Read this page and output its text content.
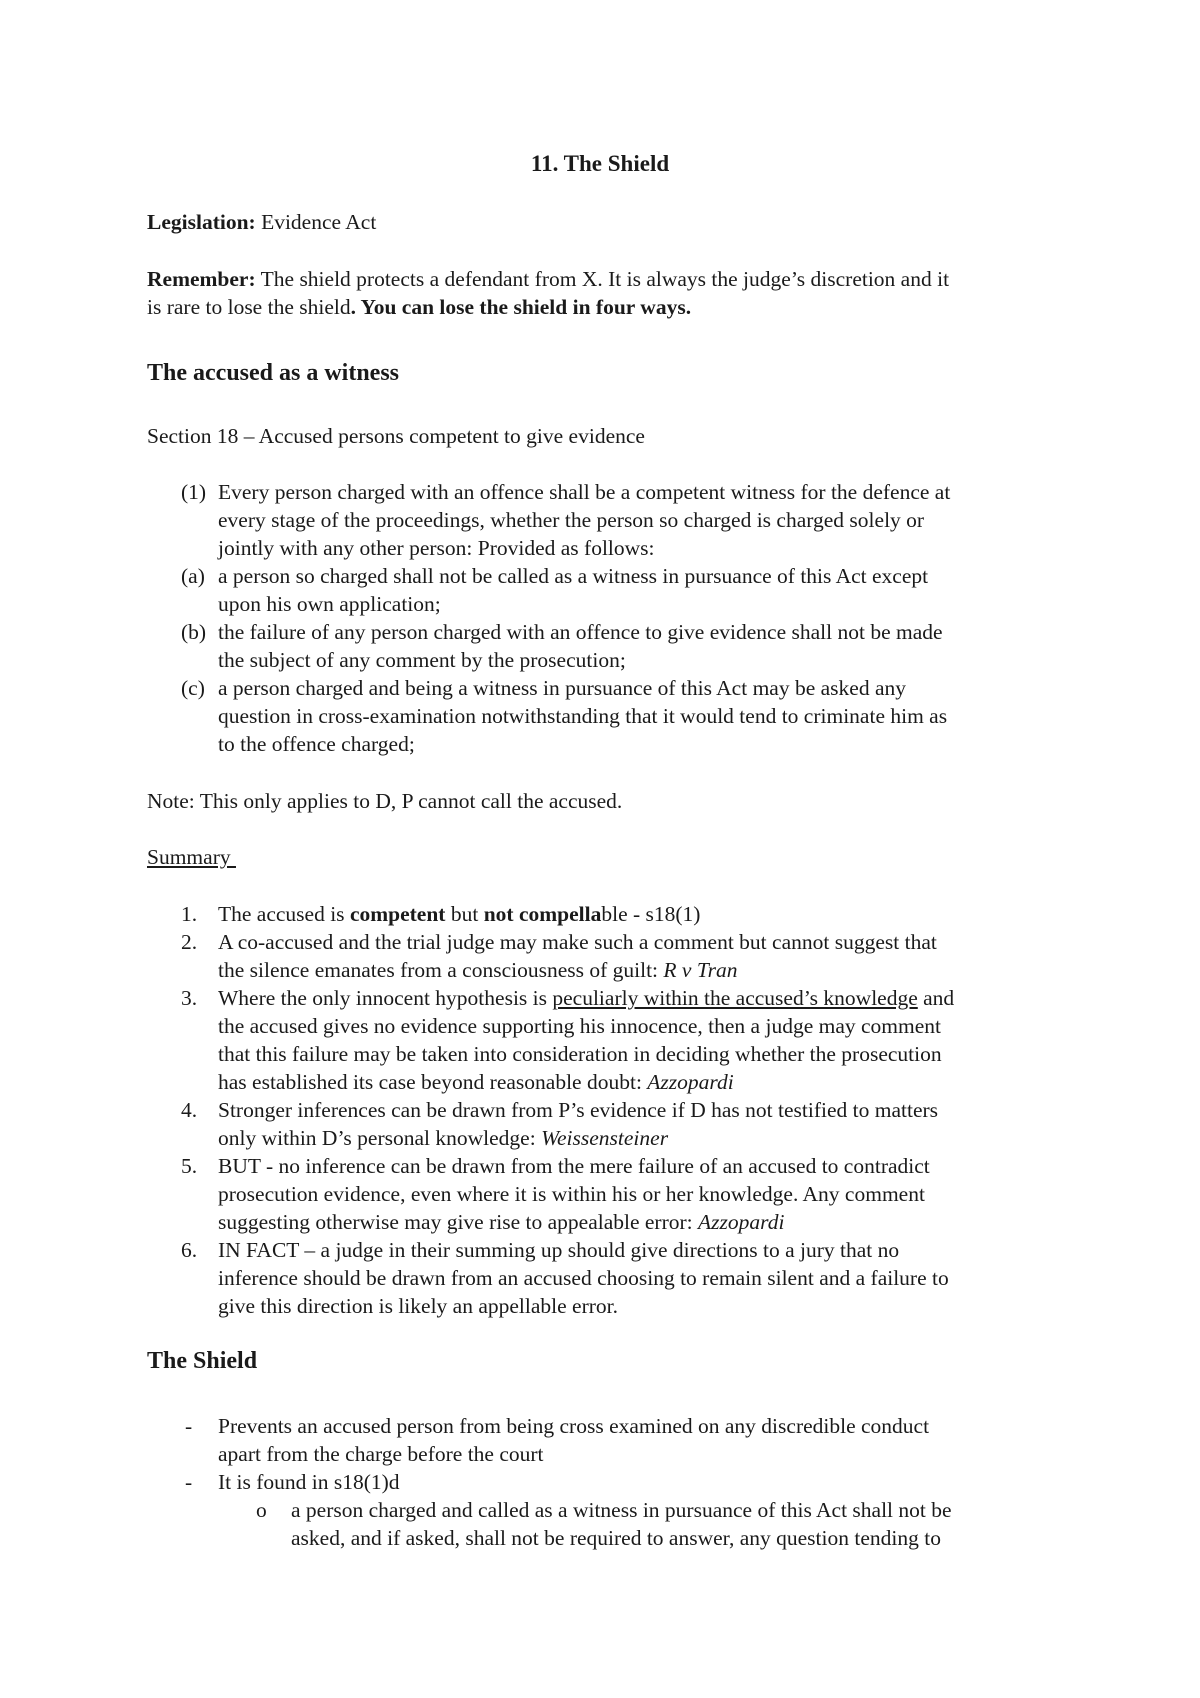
11. The Shield
Legislation: Evidence Act
Remember: The shield protects a defendant from X. It is always the judge’s discretion and it
is rare to lose the shield. You can lose the shield in four ways.
The accused as a witness
Section 18 – Accused persons competent to give evidence
(1) Every person charged with an offence shall be a competent witness for the defence at
every stage of the proceedings, whether the person so charged is charged solely or
jointly with any other person: Provided as follows:
(a) a person so charged shall not be called as a witness in pursuance of this Act except
upon his own application;
(b) the failure of any person charged with an offence to give evidence shall not be made
the subject of any comment by the prosecution;
(c) a person charged and being a witness in pursuance of this Act may be asked any
question in cross-examination notwithstanding that it would tend to criminate him as
to the offence charged;
Note: This only applies to D, P cannot call the accused.
Summary
1. The accused is competent but not compellable - s18(1)
2. A co-accused and the trial judge may make such a comment but cannot suggest that
the silence emanates from a consciousness of guilt: R v Tran
3. Where the only innocent hypothesis is peculiarly within the accused’s knowledge and
the accused gives no evidence supporting his innocence, then a judge may comment
that this failure may be taken into consideration in deciding whether the prosecution
has established its case beyond reasonable doubt: Azzopardi
4. Stronger inferences can be drawn from P’s evidence if D has not testified to matters
only within D’s personal knowledge: Weissensteiner
5. BUT - no inference can be drawn from the mere failure of an accused to contradict
prosecution evidence, even where it is within his or her knowledge. Any comment
suggesting otherwise may give rise to appealable error: Azzopardi
6. IN FACT – a judge in their summing up should give directions to a jury that no
inference should be drawn from an accused choosing to remain silent and a failure to
give this direction is likely an appellable error.
The Shield
- Prevents an accused person from being cross examined on any discredible conduct
apart from the charge before the court
- It is found in s18(1)d
o a person charged and called as a witness in pursuance of this Act shall not be
asked, and if asked, shall not be required to answer, any question tending to
